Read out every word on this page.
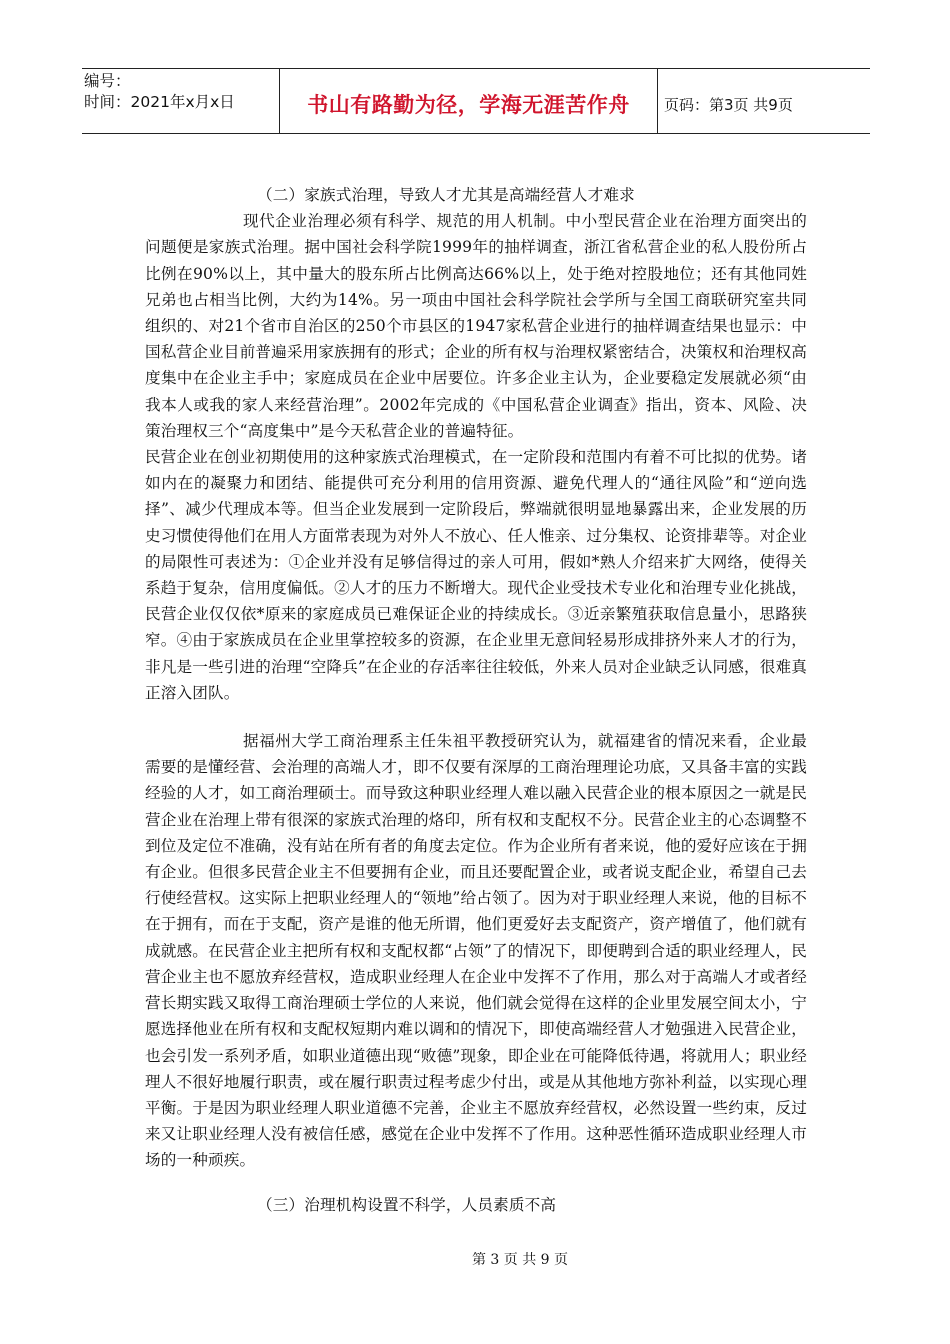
编号：
时间：2021年x月x日	书山有路勤为径，学海无涯苦作舟	页码：第3页 共9页

（二）家族式治理，导致人才尤其是高端经营人才难求

现代企业治理必须有科学、规范的用人机制。中小型民营企业在治理方面突出的问题便是家族式治理。据中国社会科学院1999年的抽样调查，浙江省私营企业的私人股份所占比例在90%以上，其中量大的股东所占比例高达66%以上，处于绝对控股地位；还有其他同姓兄弟也占相当比例，大约为14%。另一项由中国社会科学院社会学所与全国工商联研究室共同组织的、对21个省市自治区的250个市县区的1947家私营企业进行的抽样调查结果也显示：中国私营企业目前普遍采用家族拥有的形式；企业的所有权与治理权紧密结合，决策权和治理权高度集中在企业主手中；家庭成员在企业中居要位。许多企业主认为，企业要稳定发展就必须“由我本人或我的家人来经营治理”。2002年完成的《中国私营企业调查》指出，资本、风险、决策治理权三个“高度集中”是今天私营企业的普遍特征。

民营企业在创业初期使用的这种家族式治理模式，在一定阶段和范围内有着不可比拟的优势。诸如内在的凝聚力和团结、能提供可充分利用的信用资源、避免代理人的“通往风险”和“逆向选择”、减少代理成本等。但当企业发展到一定阶段后，弊端就很明显地暴露出来，企业发展的历史习惯使得他们在用人方面常表现为对外人不放心、任人惟亲、过分集权、论资排辈等。对企业的局限性可表述为：①企业并没有足够信得过的亲人可用，假如*熟人介绍来扩大网络，使得关系趋于复杂，信用度偏低。②人才的压力不断增大。现代企业受技术专业化和治理专业化挑战，民营企业仅仅依*原来的家庭成员已难保证企业的持续成长。③近亲繁殖获取信息量小，思路狭窄。④由于家族成员在企业里掌控较多的资源，在企业里无意间轻易形成排挤外来人才的行为，非凡是一些引进的治理“空降兵”在企业的存活率往往较低，外来人员对企业缺乏认同感，很难真正溶入团队。

据福州大学工商治理系主任朱祖平教授研究认为，就福建省的情况来看，企业最需要的是懂经营、会治理的高端人才，即不仅要有深厚的工商治理理论功底，又具备丰富的实践经验的人才，如工商治理硕士。而导致这种职业经理人难以融入民营企业的根本原因之一就是民营企业在治理上带有很深的家族式治理的烙印，所有权和支配权不分。民营企业主的心态调整不到位及定位不准确，没有站在所有者的角度去定位。作为企业所有者来说，他的爱好应该在于拥有企业。但很多民营企业主不但要拥有企业，而且还要配置企业，或者说支配企业，希望自己去行使经营权。这实际上把职业经理人的“领地”给占领了。因为对于职业经理人来说，他的目标不在于拥有，而在于支配，资产是谁的他无所谓，他们更爱好去支配资产，资产增值了，他们就有成就感。在民营企业主把所有权和支配权都“占领”了的情况下，即便聘到合适的职业经理人，民营企业主也不愿放弃经营权，造成职业经理人在企业中发挥不了作用，那么对于高端人才或者经营长期实践又取得工商治理硕士学位的人来说，他们就会觉得在这样的企业里发展空间太小，宁愿选择他业在所有权和支配权短期内难以调和的情况下，即使高端经营人才勉强进入民营企业，也会引发一系列矛盾，如职业道德出现“败德”现象，即企业在可能降低待遇，将就用人；职业经理人不很好地履行职责，或在履行职责过程考虑少付出，或是从其他地方弥补利益，以实现心理平衡。于是因为职业经理人职业道德不完善，企业主不愿放弃经营权，必然设置一些约束，反过来又让职业经理人没有被信任感，感觉在企业中发挥不了作用。这种恶性循环造成职业经理人市场的一种顽疾。

（三）治理机构设置不科学，人员素质不高

第 3 页 共 9 页
